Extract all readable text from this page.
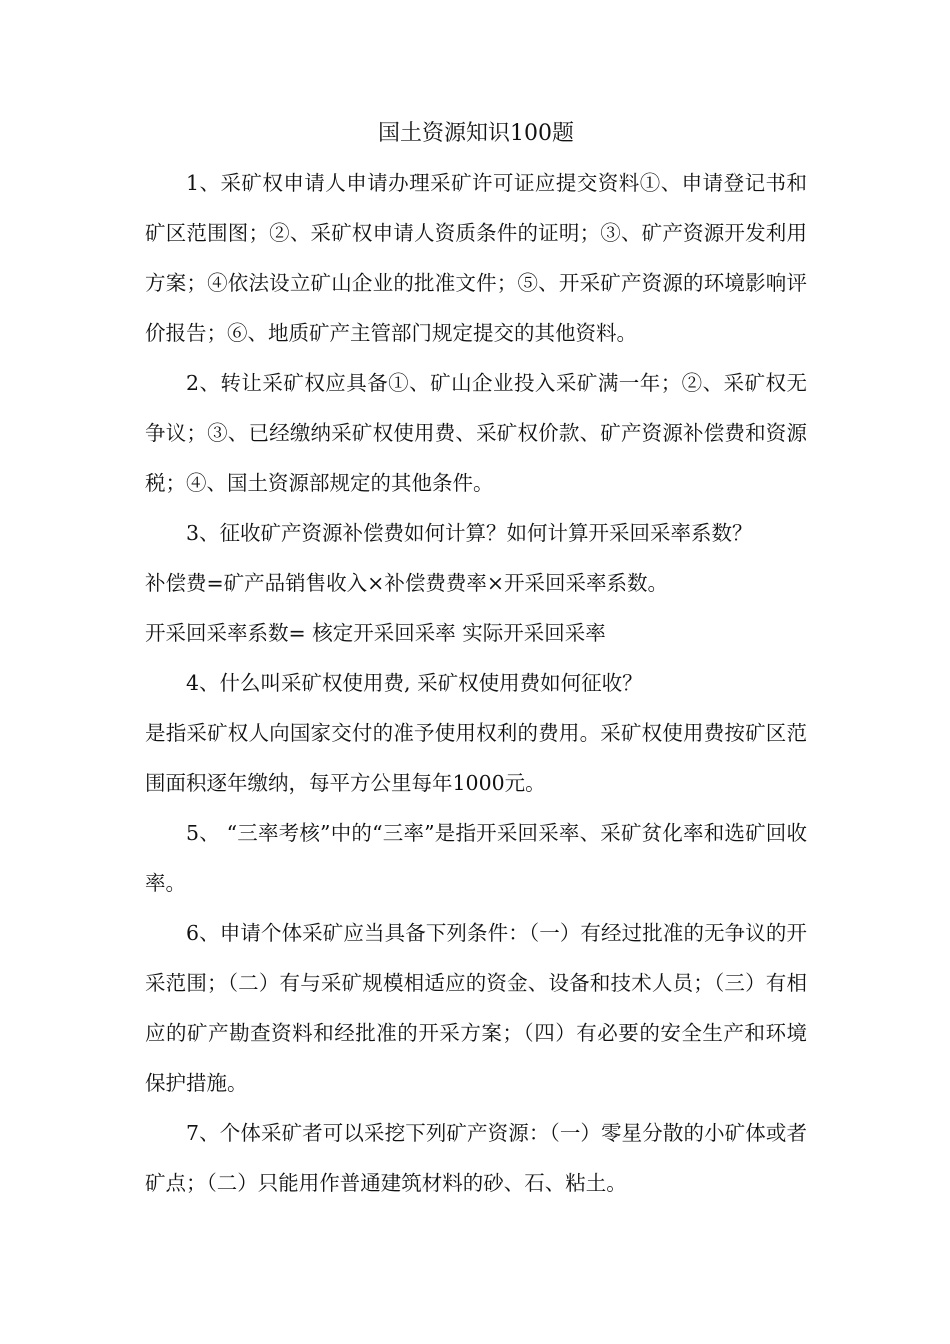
国土资源知识100题

1、采矿权申请人申请办理采矿许可证应提交资料①、申请登记书和矿区范围图；②、采矿权申请人资质条件的证明；③、矿产资源开发利用方案；④依法设立矿山企业的批准文件；⑤、开采矿产资源的环境影响评价报告；⑥、地质矿产主管部门规定提交的其他资料。

2、转让采矿权应具备①、矿山企业投入采矿满一年；②、采矿权无争议；③、已经缴纳采矿权使用费、采矿权价款、矿产资源补偿费和资源税；④、国土资源部规定的其他条件。

3、征收矿产资源补偿费如何计算？如何计算开采回采率系数？

补偿费=矿产品销售收入×补偿费费率×开采回采率系数。

开采回采率系数= 核定开采回采率 实际开采回采率

4、什么叫采矿权使用费, 采矿权使用费如何征收？

是指采矿权人向国家交付的准予使用权利的费用。采矿权使用费按矿区范围面积逐年缴纳，每平方公里每年1000元。

5、 “三率考核”中的“三率”是指开采回采率、采矿贫化率和选矿回收率。

6、申请个体采矿应当具备下列条件：（一）有经过批准的无争议的开采范围；（二）有与采矿规模相适应的资金、设备和技术人员；（三）有相应的矿产勘查资料和经批准的开采方案；（四）有必要的安全生产和环境保护措施。

7、个体采矿者可以采挖下列矿产资源：（一）零星分散的小矿体或者矿点；（二）只能用作普通建筑材料的砂、石、粘土。
